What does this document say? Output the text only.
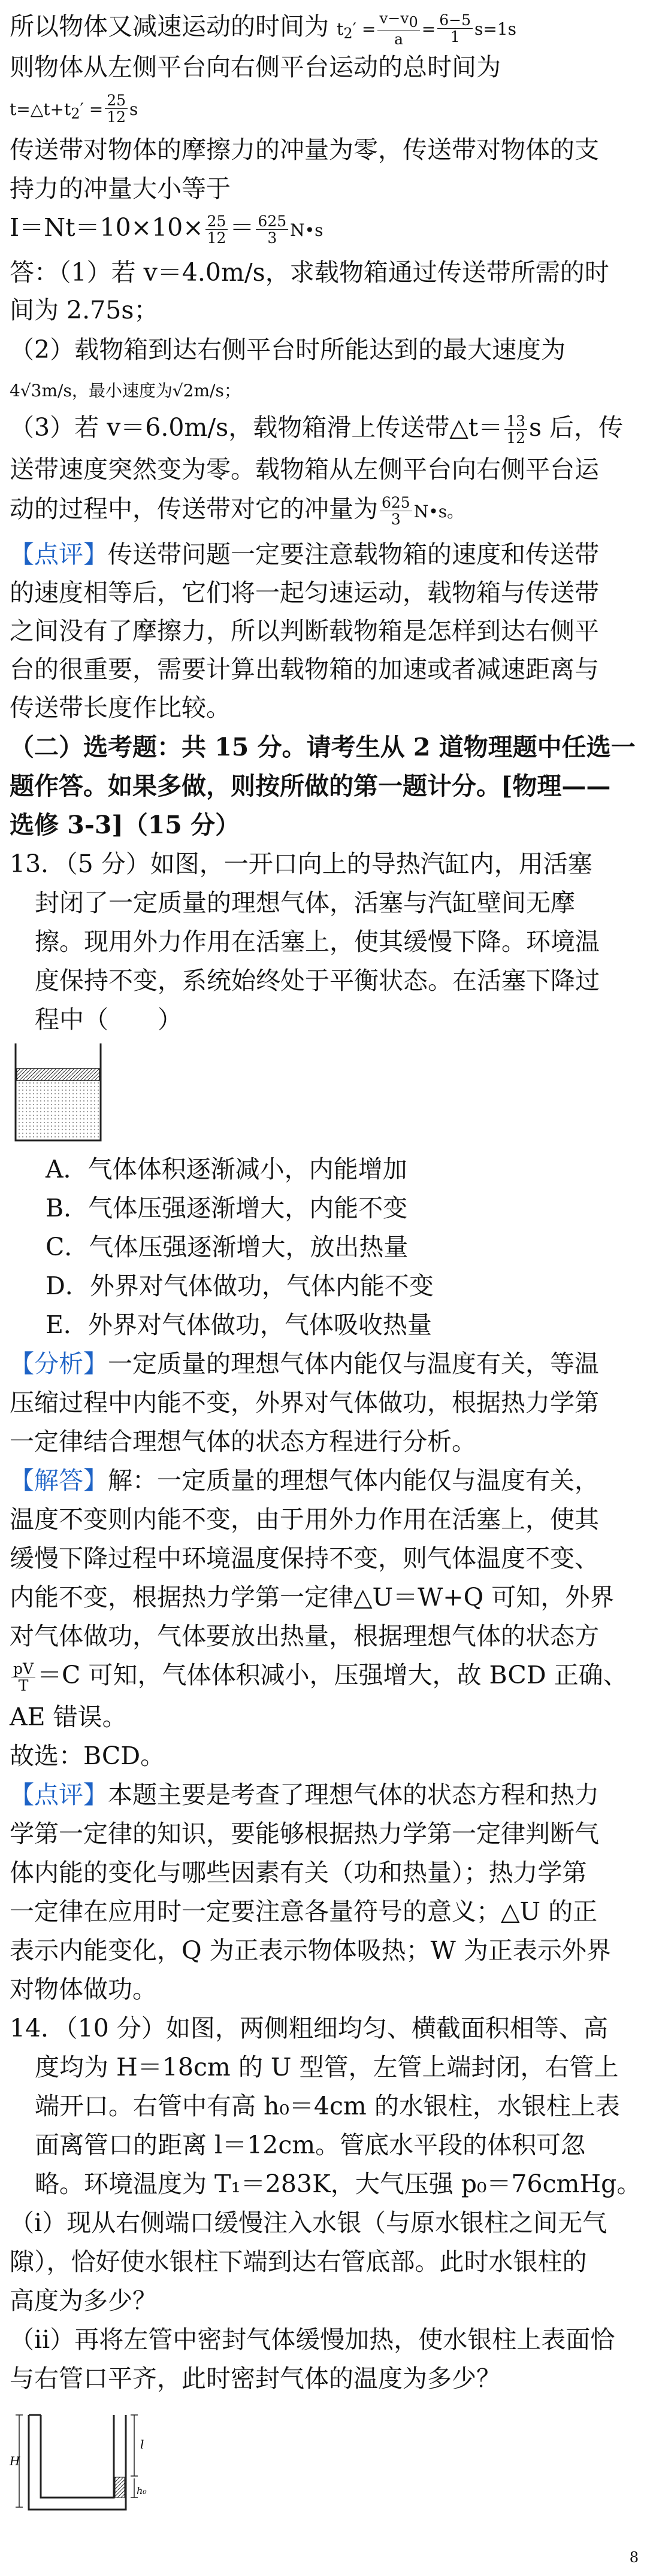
所以物体又减速运动的时间为 $t_2' = \frac{v-v0}{a} = \frac{6-5}{1} s=1s$
则物体从左侧平台向右侧平台运动的总时间为
$t=\triangle t+t_2' = \frac{25}{12}$ s
传送带对物体的摩擦力的冲量为零，传送带对物体的支
持力的冲量大小等于
$I=Nt=10\times 10\times \frac{25}{12} = \frac{625}{3}$ N•s
答：（1）若 v＝4.0m/s，求载物箱通过传送带所需的时
间为 2.75s；
（2）载物箱到达右侧平台时所能达到的最大速度为
4√3m/s，最小速度为√2m/s；
（3）若 v＝6.0m/s，载物箱滑上传送带△t＝ $\frac{13}{12}$ s 后，传
送带速度突然变为零。载物箱从左侧平台向右侧平台运
动的过程中，传送带对它的冲量为 $\frac{625}{3}$ N•s。
【点评】传送带问题一定要注意载物箱的速度和传送带
的速度相等后，它们将一起匀速运动，载物箱与传送带
之间没有了摩擦力，所以判断载物箱是怎样到达右侧平
台的很重要，需要计算出载物箱的加速或者减速距离与
传送带长度作比较。
（二）选考题：共 15 分。请考生从 2 道物理题中任选一
题作答。如果多做，则按所做的第一题计分。[物理——
选修 3-3]（15 分）
13．（5 分）如图，一开口向上的导热汽缸内，用活塞
封闭了一定质量的理想气体，活塞与汽缸壁间无摩
擦。现用外力作用在活塞上，使其缓慢下降。环境温
度保持不变，系统始终处于平衡状态。在活塞下降过
程中（　　）
A．气体体积逐渐减小，内能增加
B．气体压强逐渐增大，内能不变
C．气体压强逐渐增大，放出热量
D．外界对气体做功，气体内能不变
E．外界对气体做功，气体吸收热量
【分析】一定质量的理想气体内能仅与温度有关，等温
压缩过程中内能不变，外界对气体做功，根据热力学第
一定律结合理想气体的状态方程进行分析。
【解答】解：一定质量的理想气体内能仅与温度有关，
温度不变则内能不变，由于用外力作用在活塞上，使其
缓慢下降过程中环境温度保持不变，则气体温度不变、
内能不变，根据热力学第一定律△U＝W+Q 可知，外界
对气体做功，气体要放出热量，根据理想气体的状态方
$\frac{pV}{T} =C$ 可知，气体体积减小，压强增大，故 BCD 正确、
AE 错误。
故选：BCD。
【点评】本题主要是考查了理想气体的状态方程和热力
学第一定律的知识，要能够根据热力学第一定律判断气
体内能的变化与哪些因素有关（功和热量）；热力学第
一定律在应用时一定要注意各量符号的意义；△U 的正
表示内能变化，Q 为正表示物体吸热；W 为正表示外界
对物体做功。
14．（10 分）如图，两侧粗细均匀、横截面积相等、高
度均为 H＝18cm 的 U 型管，左管上端封闭，右管上
端开口。右管中有高 h₀＝4cm 的水银柱，水银柱上表
面离管口的距离 l＝12cm。管底水平段的体积可忽
略。环境温度为 T₁＝283K，大气压强 p₀＝76cmHg。
（i）现从右侧端口缓慢注入水银（与原水银柱之间无气
隙），恰好使水银柱下端到达右管底部。此时水银柱的
高度为多少？
（ii）再将左管中密封气体缓慢加热，使水银柱上表面恰
与右管口平齐，此时密封气体的温度为多少？
H
l
h₀
8
